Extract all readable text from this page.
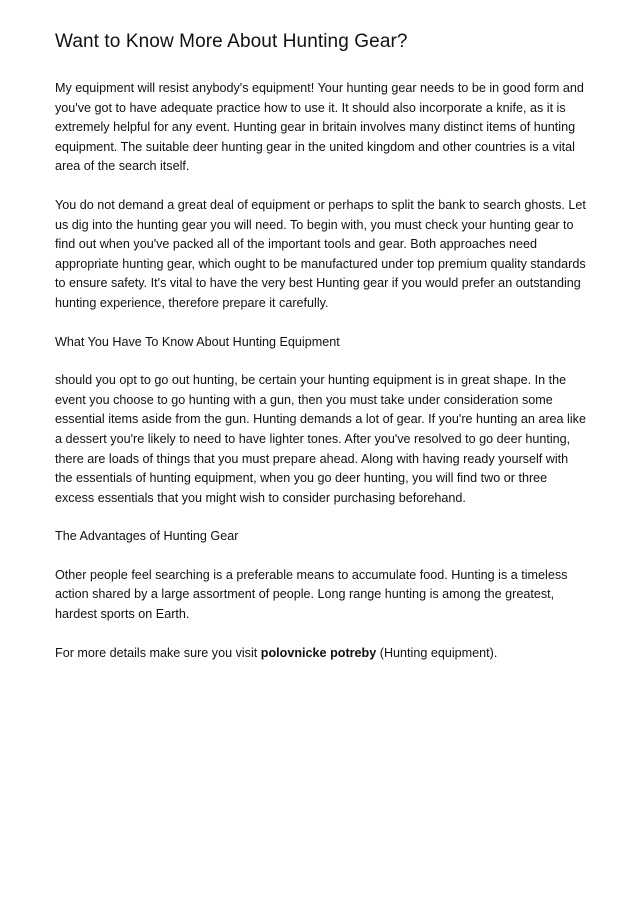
Want to Know More About Hunting Gear?

My equipment will resist anybody's equipment! Your hunting gear needs to be in good form and you've got to have adequate practice how to use it. It should also incorporate a knife, as it is extremely helpful for any event. Hunting gear in britain involves many distinct items of hunting equipment. The suitable deer hunting gear in the united kingdom and other countries is a vital area of the search itself.

You do not demand a great deal of equipment or perhaps to split the bank to search ghosts. Let us dig into the hunting gear you will need. To begin with, you must check your hunting gear to find out when you've packed all of the important tools and gear. Both approaches need appropriate hunting gear, which ought to be manufactured under top premium quality standards to ensure safety. It's vital to have the very best Hunting gear if you would prefer an outstanding hunting experience, therefore prepare it carefully.

What You Have To Know About Hunting Equipment

should you opt to go out hunting, be certain your hunting equipment is in great shape. In the event you choose to go hunting with a gun, then you must take under consideration some essential items aside from the gun. Hunting demands a lot of gear. If you're hunting an area like a dessert you're likely to need to have lighter tones. After you've resolved to go deer hunting, there are loads of things that you must prepare ahead. Along with having ready yourself with the essentials of hunting equipment, when you go deer hunting, you will find two or three excess essentials that you might wish to consider purchasing beforehand.

The Advantages of Hunting Gear

Other people feel searching is a preferable means to accumulate food. Hunting is a timeless action shared by a large assortment of people. Long range hunting is among the greatest, hardest sports on Earth.

For more details make sure you visit polovnicke potreby (Hunting equipment).
